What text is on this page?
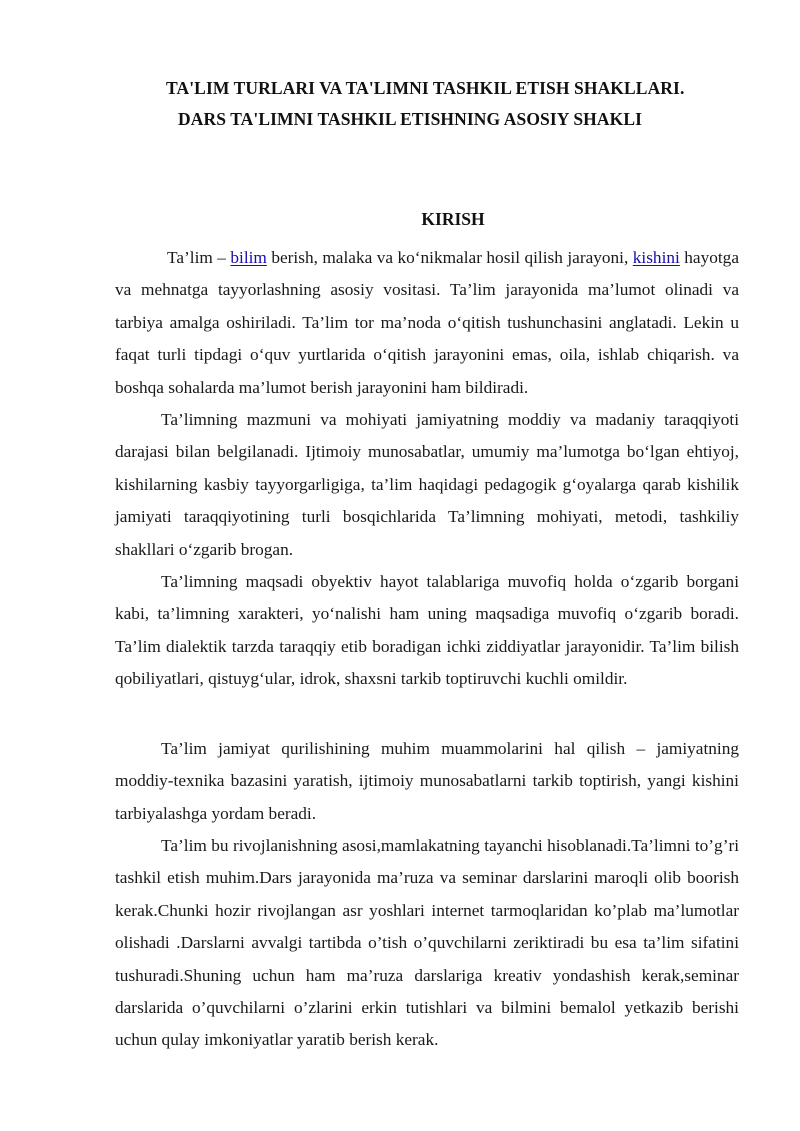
TA'LIM TURLARI VA TA'LIMNI TASHKIL ETISH SHAKLLARI.
DARS TA'LIMNI TASHKIL ETISHNING ASOSIY SHAKLI
KIRISH

Ta’lim – bilim berish, malaka va ko‘nikmalar hosil qilish jarayoni, kishini hayotga va mehnatga tayyorlashning asosiy vositasi. Ta’lim jarayonida ma’lumot olinadi va tarbiya amalga oshiriladi. Ta’lim tor ma’noda o‘qitish tushunchasini anglatadi. Lekin u faqat turli tipdagi o‘quv yurtlarida o‘qitish jarayonini emas, oila, ishlab chiqarish. va boshqa sohalarda ma’lumot berish jarayonini ham bildiradi.

Ta’limning mazmuni va mohiyati jamiyatning moddiy va madaniy taraqqiyoti darajasi bilan belgilanadi. Ijtimoiy munosabatlar, umumiy ma’lumotga bo‘lgan ehtiyoj, kishilarning kasbiy tayyorgarligiga, ta’lim haqidagi pedagogik g‘oyalarga qarab kishilik jamiyati taraqqiyotining turli bosqichlarida Ta’limning mohiyati, metodi, tashkiliy shakllari o‘zgarib brogan.

Ta’limning maqsadi obyektiv hayot talablariga muvofiq holda o‘zgarib borgani kabi, ta’limning xarakteri, yo‘nalishi ham uning maqsadiga muvofiq o‘zgarib boradi. Ta’lim dialektik tarzda taraqqiy etib boradigan ichki ziddiyatlar jarayonidir. Ta’lim bilish qobiliyatlari, qistuyg‘ular, idrok, shaxsni tarkib toptiruvchi kuchli omildir.

Ta’lim jamiyat qurilishining muhim muammolarini hal qilish – jamiyatning moddiy-texnika bazasini yaratish, ijtimoiy munosabatlarni tarkib toptirish, yangi kishini tarbiyalashga yordam beradi.

Ta’lim bu rivojlanishning asosi,mamlakatning tayanchi hisoblanadi.Ta’limni to’g’ri tashkil etish muhim.Dars jarayonida ma’ruza va seminar darslarini maroqli olib boorish kerak.Chunki hozir rivojlangan asr yoshlari internet tarmoqlaridan ko’plab ma’lumotlar olishadi .Darslarni avvalgi tartibda o’tish o’quvchilarni zeriktiradi bu esa ta’lim sifatini tushuradi.Shuning uchun ham ma’ruza darslariga kreativ yondashish kerak,seminar darslarida o’quvchilarni o’zlarini erkin tutishlari va bilmini bemalol yetkazib berishi uchun qulay imkoniyatlar yaratib berish kerak.
